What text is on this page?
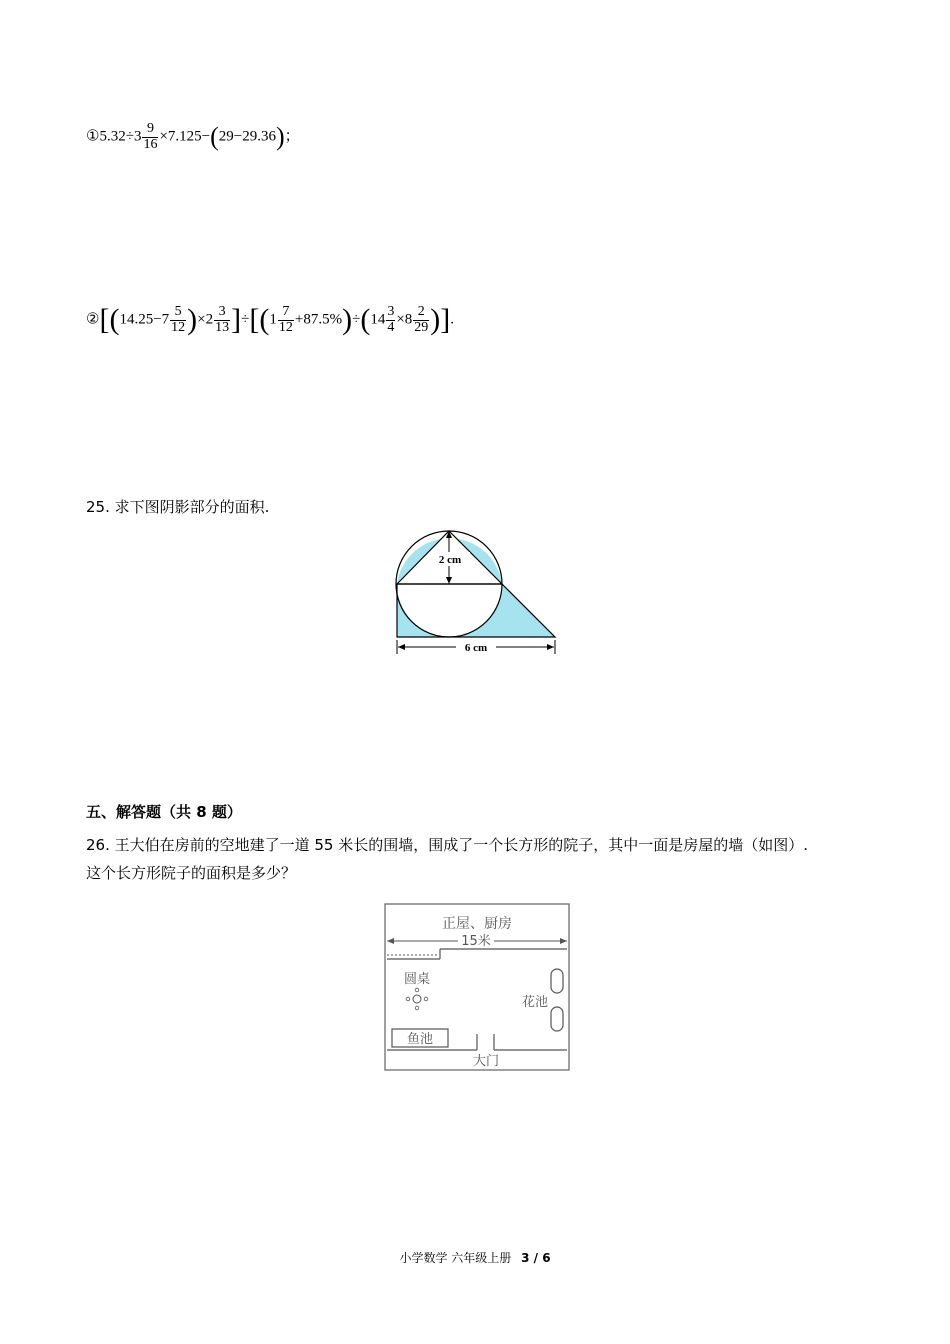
①5.32÷3 $\frac{9}{16} \times 7.125-(29-29.36)$；
②[(14.25−7 $\frac{5}{12} )\times 2 \frac{3}{13} ]\div[(1 \frac{7}{12} +87.5\%)\div(14 \frac{3}{4} \times 8 \frac{2}{29}$ )].
25. 求下图阴影部分的面积.
2 cm
6 cm
五、解答题（共 8 题）
26. 王大伯在房前的空地建了一道 55 米长的围墙，围成了一个长方形的院子，其中一面是房屋的墙（如图）.
这个长方形院子的面积是多少？
正屋、厨房
15米
圆桌
花池
鱼池
大门
小学数学 六年级上册 3 / 6
